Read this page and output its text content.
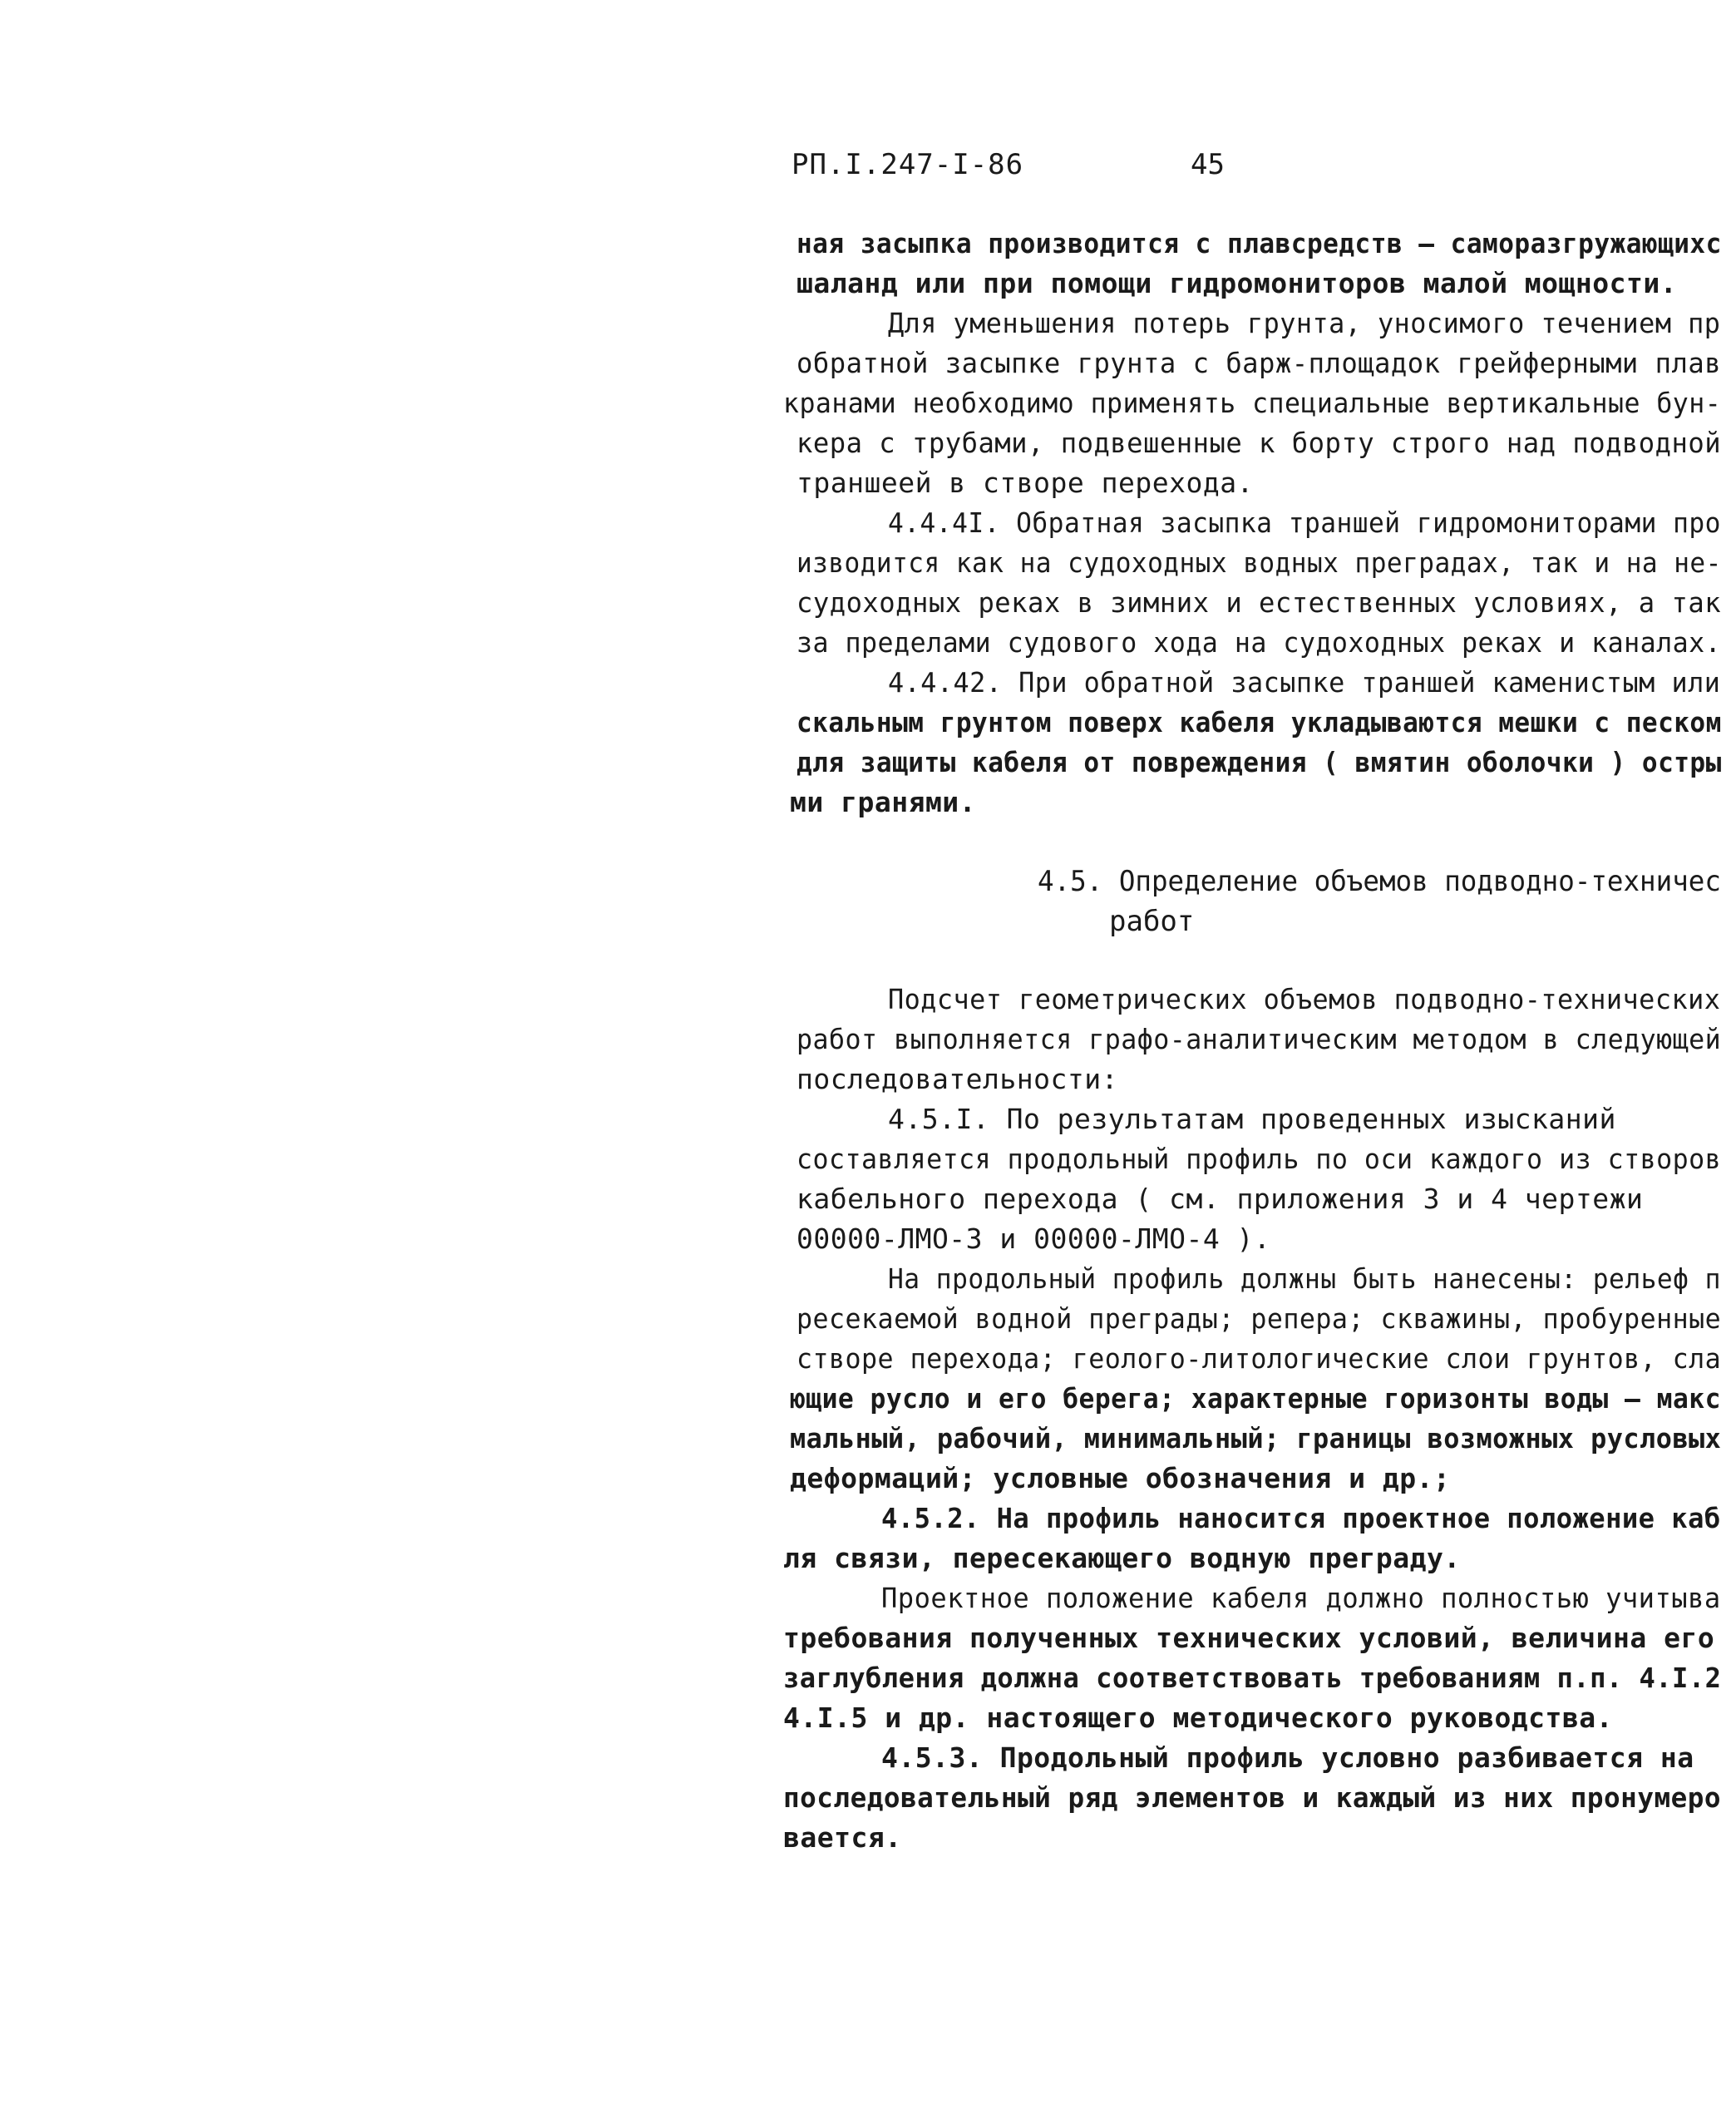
РП.I.247-I-86	45
ная засыпка производится с плавсредств – саморазгружающихс
шаланд или при помощи гидромониторов малой мощности.
Для уменьшения потерь грунта, уносимого течением пр
обратной засыпке грунта с барж-площадок грейферными плав
кранами необходимо применять специальные вертикальные бун-
кера с трубами, подвешенные к борту строго над подводной
траншеей в створе перехода.
4.4.4I. Обратная засыпка траншей гидромониторами про
изводится как на судоходных водных преградах, так и на не-
судоходных реках в зимних и естественных условиях, а так
за пределами судового хода на судоходных реках и каналах.
4.4.42. При обратной засыпке траншей каменистым или
скальным грунтом поверх кабеля укладываются мешки с песком
для защиты кабеля от повреждения ( вмятин оболочки ) остры
ми гранями.
4.5. Определение объемов подводно-техничес
работ
Подсчет геометрических объемов подводно-технических
работ выполняется графо-аналитическим методом в следующей
последовательности:
4.5.I. По результатам проведенных изысканий
составляется продольный профиль по оси каждого из створов
кабельного перехода ( см. приложения 3 и 4 чертежи
00000-ЛМО-3 и 00000-ЛМО-4 ).
На продольный профиль должны быть нанесены: рельеф п
ресекаемой водной преграды; репера; скважины, пробуренные
створе перехода; геолого-литологические слои грунтов, сла
ющие русло и его берега; характерные горизонты воды – макс
мальный, рабочий, минимальный; границы возможных русловых
деформаций; условные обозначения и др.;
4.5.2. На профиль наносится проектное положение каб
ля связи, пересекающего водную преграду.
Проектное положение кабеля должно полностью учитыва
требования полученных технических условий, величина его
заглубления должна соответствовать требованиям п.п. 4.I.2
4.I.5 и др. настоящего методического руководства.
4.5.3. Продольный профиль условно разбивается на
последовательный ряд элементов и каждый из них пронумеро
вается.
